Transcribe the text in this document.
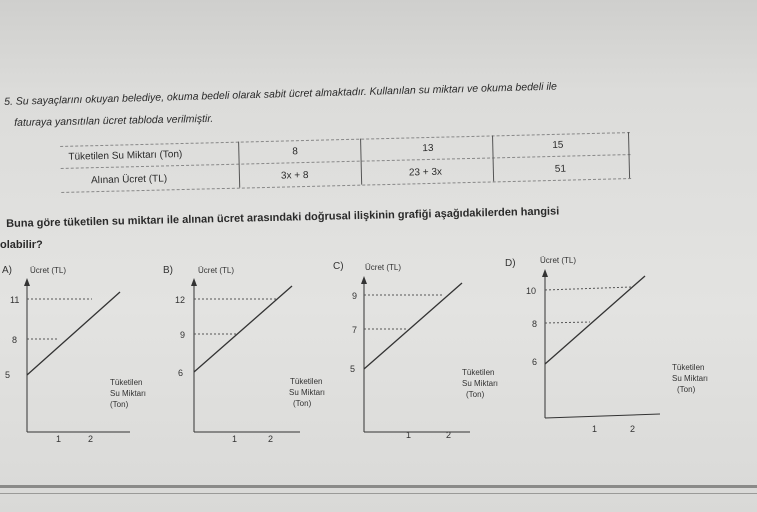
5. Su sayaçlarını okuyan belediye, okuma bedeli olarak sabit ücret almaktadır. Kullanılan su miktarı ve okuma bedeli ile
faturaya yansıtılan ücret tabloda verilmiştir.
Tüketilen Su Miktarı (Ton)	8	13	15
Alınan Ücret (TL)	3x + 8	23 + 3x	51
Buna göre tüketilen su miktarı ile alınan ücret arasındaki doğrusal ilişkinin grafiği aşağıdakilerden hangisi
olabilir?
A) Ücret (TL)
11
8
5
1	2
Tüketilen
Su Miktarı
(Ton)
B)	Ücret (TL)
12
9
6
1	2
Tüketilen
Su Miktarı
(Ton)
C)	Ücret (TL)
9
7
5
1	2
Tüketilen
Su Miktarı
(Ton)
D)	Ücret (TL)
10
8
6
1	2
Tüketilen
Su Miktarı
(Ton)
